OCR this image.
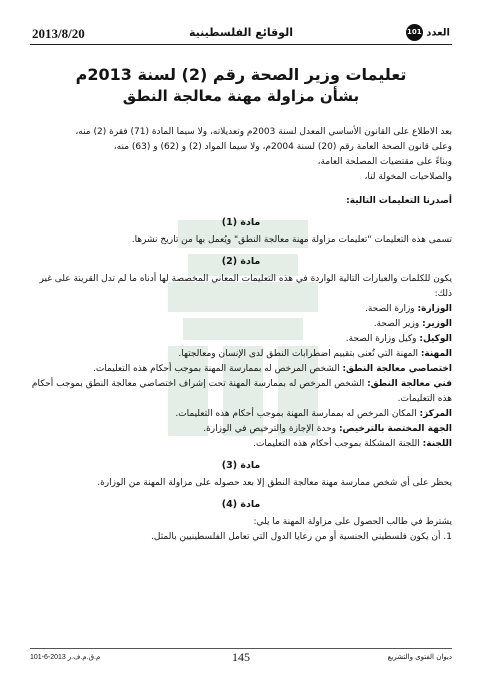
2013/8/20	الوقائع الفلسطينية	العدد 101
تعليمات وزير الصحة رقم (2) لسنة 2013م
بشأن مزاولة مهنة معالجة النطق

بعد الاطلاع على القانون الأساسي المعدل لسنة 2003م وتعديلاته، ولا سيما المادة (71) فقرة (2) منه،

وعلى قانون الصحة العامة رقم (20) لسنة 2004م، ولا سيما المواد (2) و (62) و (63) منه،

وبناءً على مقتضيات المصلحة العامة،

والصلاحيات المخولة لنا،

أصدرنا التعليمات التالية:

مادة (1)

تسمى هذه التعليمات "تعليمات مزاولة مهنة معالجة النطق" ويُعمل بها من تاريخ نشرها.

مادة (2)

يكون للكلمات والعبارات التالية الواردة في هذه التعليمات المعاني المخصصة لها أدناه ما لم تدل القرينة على غير ذلك:

الوزارة: وزارة الصحة.

الوزير: وزير الصحة.

الوكيل: وكيل وزارة الصحة.

المهنة: المهنة التي تُعنى بتقييم اضطرابات النطق لدى الإنسان ومعالجتها.

اختصاصي معالجة النطق: الشخص المرخص له بممارسة المهنة بموجب أحكام هذه التعليمات.

فني معالجة النطق: الشخص المرخص له بممارسة المهنة تحت إشراف اختصاصي معالجة النطق بموجب أحكام هذه التعليمات.

المركز: المكان المرخص له بممارسة المهنة بموجب أحكام هذه التعليمات.

الجهة المختصة بالترخيص: وحدة الإجازة والترخيص في الوزارة.

اللجنة: اللجنة المشكلة بموجب أحكام هذه التعليمات.

مادة (3)

يحظر على أي شخص ممارسة مهنة معالجة النطق إلا بعد حصوله على مزاولة المهنة من الوزارة.

مادة (4)

يشترط في طالب الحصول على مزاولة المهنة ما يلي:

1. أن يكون فلسطيني الجنسية أو من رعايا الدول التي تعامل الفلسطينيين بالمثل.

101-6-2013 م.ق.م.ف.ر	145	ديوان الفتوى والتشريع
